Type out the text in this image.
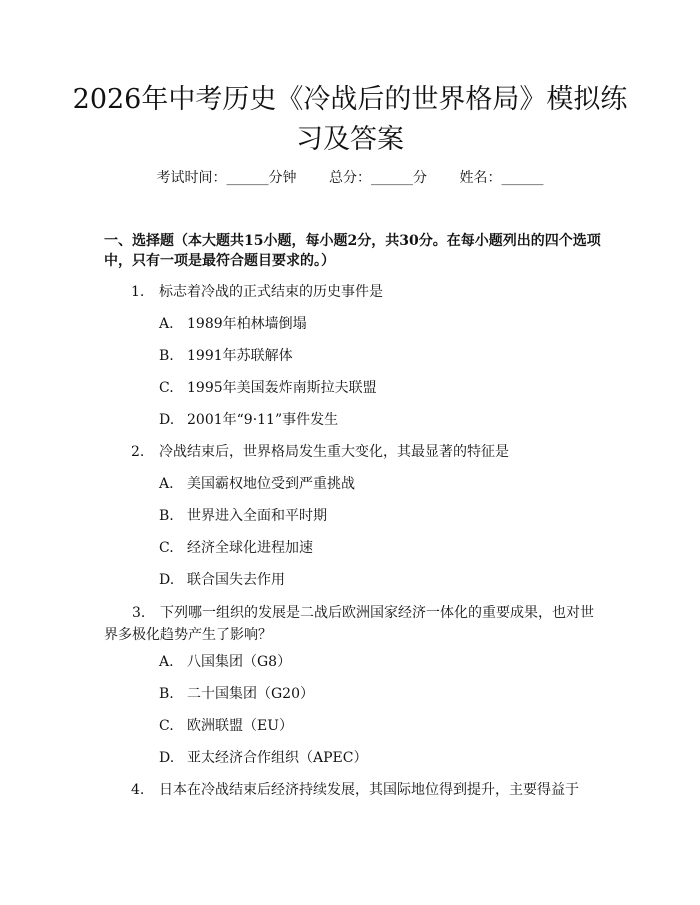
2026年中考历史《冷战后的世界格局》模拟练习及答案
考试时间：______分钟 总分：______分 姓名：______

一、选择题（本大题共15小题，每小题2分，共30分。在每小题列出的四个选项中，只有一项是最符合题目要求的。）

1. 标志着冷战的正式结束的历史事件是
A. 1989年柏林墙倒塌
B. 1991年苏联解体
C. 1995年美国轰炸南斯拉夫联盟
D. 2001年“9·11”事件发生
2. 冷战结束后，世界格局发生重大变化，其最显著的特征是
A. 美国霸权地位受到严重挑战
B. 世界进入全面和平时期
C. 经济全球化进程加速
D. 联合国失去作用
3. 下列哪一组织的发展是二战后欧洲国家经济一体化的重要成果，也对世界多极化趋势产生了影响？
A. 八国集团（G8）
B. 二十国集团（G20）
C. 欧洲联盟（EU）
D. 亚太经济合作组织（APEC）
4. 日本在冷战结束后经济持续发展，其国际地位得到提升，主要得益于
